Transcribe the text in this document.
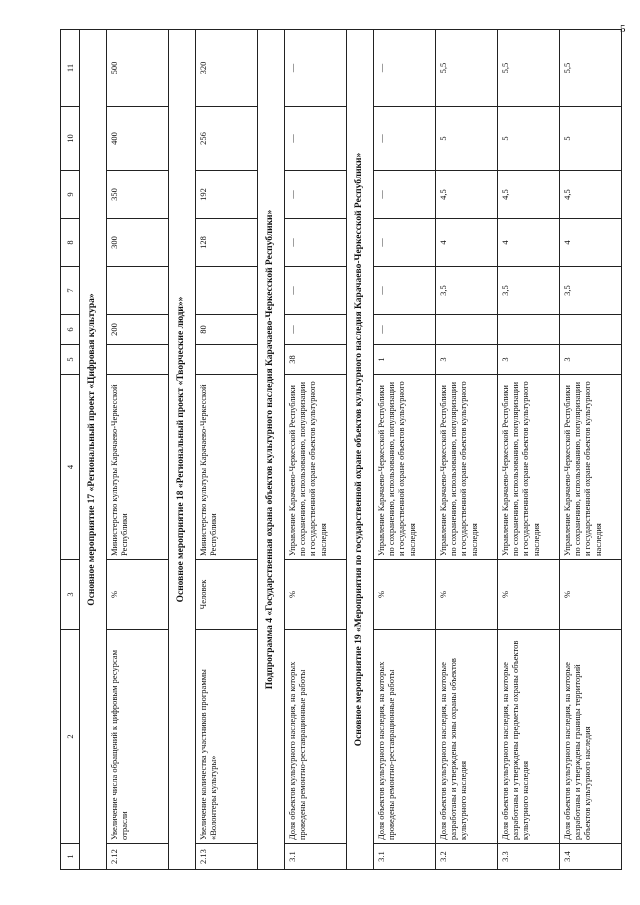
5
1	2	3	4	5	6	7	8	9	10	11
Основное мероприятие 17 «Региональный проект «Цифровая культура»										
2.12	Увеличение числа обращений к цифровым ресурсам отрасли	%	Министерство культуры Карачаево-Черкесской Республики		200		300	350	400	500
Основное мероприятие 18 «Региональный проект «Творческие люди»»										
2.13	Увеличение количества участников программы «Волонтеры культуры»	Человек	Министерство культуры Карачаево-Черкесской Республики		80		128	192	256	320
Подпрограмма 4 «Государственная охрана объектов культурного наследия Карачаево-Черкесской Республики»										
3.1	Доля объектов культурного наследия, на которых проведены ремонтно-реставрационные работы	%	Управление Карачаево-Черкесской Республики по сохранению, использованию, популяризации и государственной охране объектов культурного наследия	38	—	—	—	—	—	—
Основное мероприятие 19 «Мероприятия по государственной охране объектов культурного наследия Карачаево-Черкесской Республики»										
3.1	Доля объектов культурного наследия, на которых проведены ремонтно-реставрационные работы	%	Управление Карачаево-Черкесской Республики по сохранению, использованию, популяризации и государственной охране объектов культурного наследия	1	—	—	—	—	—	—
3.2	Доля объектов культурного наследия, на которые разработаны и утверждены зоны охраны объектов культурного наследия	%	Управление Карачаево-Черкесской Республики по сохранению, использованию, популяризации и государственной охране объектов культурного наследия	3		3,5	4	4,5	5	5,5
3.3	Доля объектов культурного наследия, на которые разработаны и утверждены предметы охраны объектов культурного наследия	%	Управление Карачаево-Черкесской Республики по сохранению, использованию, популяризации и государственной охране объектов культурного наследия	3		3,5	4	4,5	5	5,5
3.4	Доля объектов культурного наследия, на которые разработаны и утверждены границы территорий объектов культурного наследия	%	Управление Карачаево-Черкесской Республики по сохранению, использованию, популяризации и государственной охране объектов культурного наследия	3		3,5	4	4,5	5	5,5
